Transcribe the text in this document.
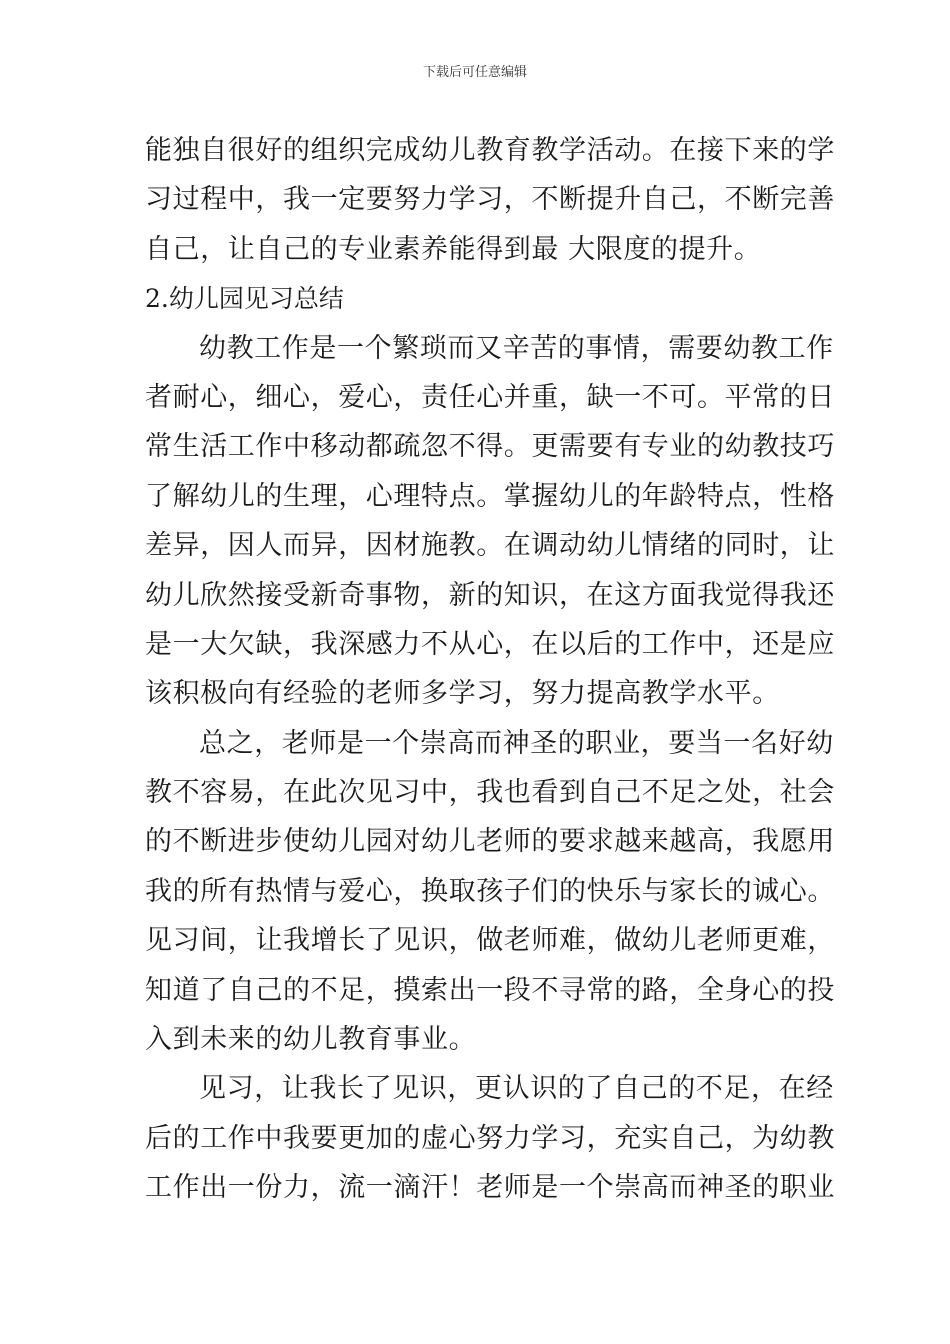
下载后可任意编辑
能独自很好的组织完成幼儿教育教学活动。在接下来的学
习过程中，我一定要努力学习，不断提升自己，不断完善
自己，让自己的专业素养能得到最 大限度的提升。
2.幼儿园见习总结
幼教工作是一个繁琐而又辛苦的事情，需要幼教工作
者耐心，细心，爱心，责任心并重，缺一不可。平常的日
常生活工作中移动都疏忽不得。更需要有专业的幼教技巧
了解幼儿的生理，心理特点。掌握幼儿的年龄特点，性格
差异，因人而异，因材施教。在调动幼儿情绪的同时，让
幼儿欣然接受新奇事物，新的知识，在这方面我觉得我还
是一大欠缺，我深感力不从心，在以后的工作中，还是应
该积极向有经验的老师多学习，努力提高教学水平。
总之，老师是一个崇高而神圣的职业，要当一名好幼
教不容易，在此次见习中，我也看到自己不足之处，社会
的不断进步使幼儿园对幼儿老师的要求越来越高，我愿用
我的所有热情与爱心，换取孩子们的快乐与家长的诚心。
见习间，让我增长了见识，做老师难，做幼儿老师更难，
知道了自己的不足，摸索出一段不寻常的路，全身心的投
入到未来的幼儿教育事业。
见习，让我长了见识，更认识的了自己的不足，在经
后的工作中我要更加的虚心努力学习，充实自己，为幼教
工作出一份力，流一滴汗！老师是一个崇高而神圣的职业
